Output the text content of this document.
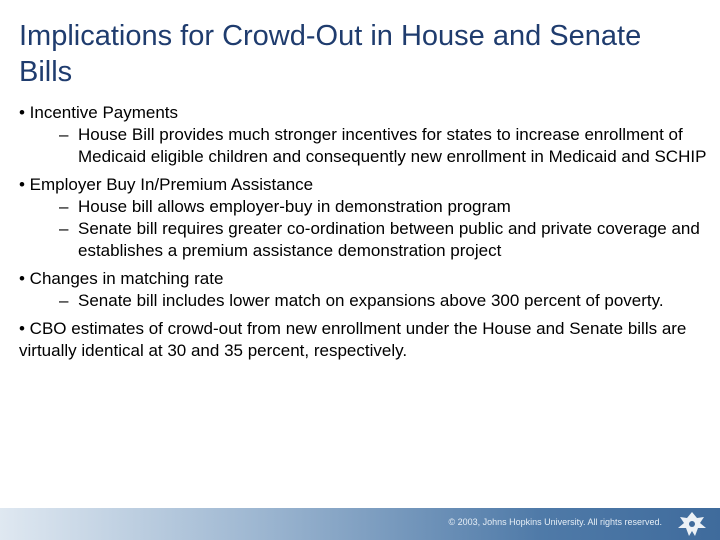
Implications for Crowd-Out in House and Senate Bills

• Incentive Payments

– House Bill provides much stronger incentives for states to increase enrollment of Medicaid eligible children and consequently new enrollment in Medicaid and SCHIP

• Employer Buy In/Premium Assistance

– House bill allows employer-buy in demonstration program

– Senate bill requires greater co-ordination between public and private coverage and establishes a premium assistance demonstration project

• Changes in matching rate

– Senate bill includes lower match on expansions above 300 percent of poverty.

• CBO estimates of crowd-out from new enrollment under the House and Senate bills are virtually identical at 30 and 35 percent, respectively.

© 2003, Johns Hopkins University. All rights reserved.
